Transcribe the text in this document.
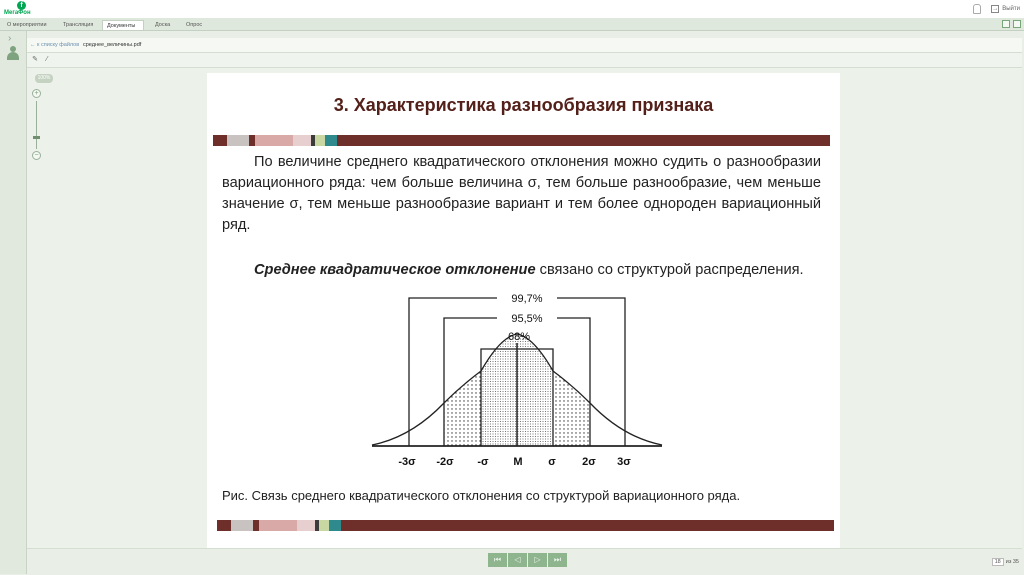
f
МегаФон
→ Выйти
О мероприятии	Трансляция	Документы	Доска	Опрос
›
← к списку файлов среднее_величины.pdf
✎	⁄
100%
+
−
3. Характеристика разнообразия признака
По величине среднего квадратического отклонения можно судить о разнообразии вариационного ряда: чем больше величина σ, тем больше разнообразие, чем меньше значение σ, тем меньше разнообразие вариант и тем более однороден вариационный ряд.
Среднее квадратическое отклонение связано со структурой распределения.
99,7%
95,5%
68%
-3σ -2σ -σ M σ 2σ 3σ
Рис. Связь среднего квадратического отклонения со структурой вариационного ряда.
⏮	◁	▷	⏭	18 из 35
